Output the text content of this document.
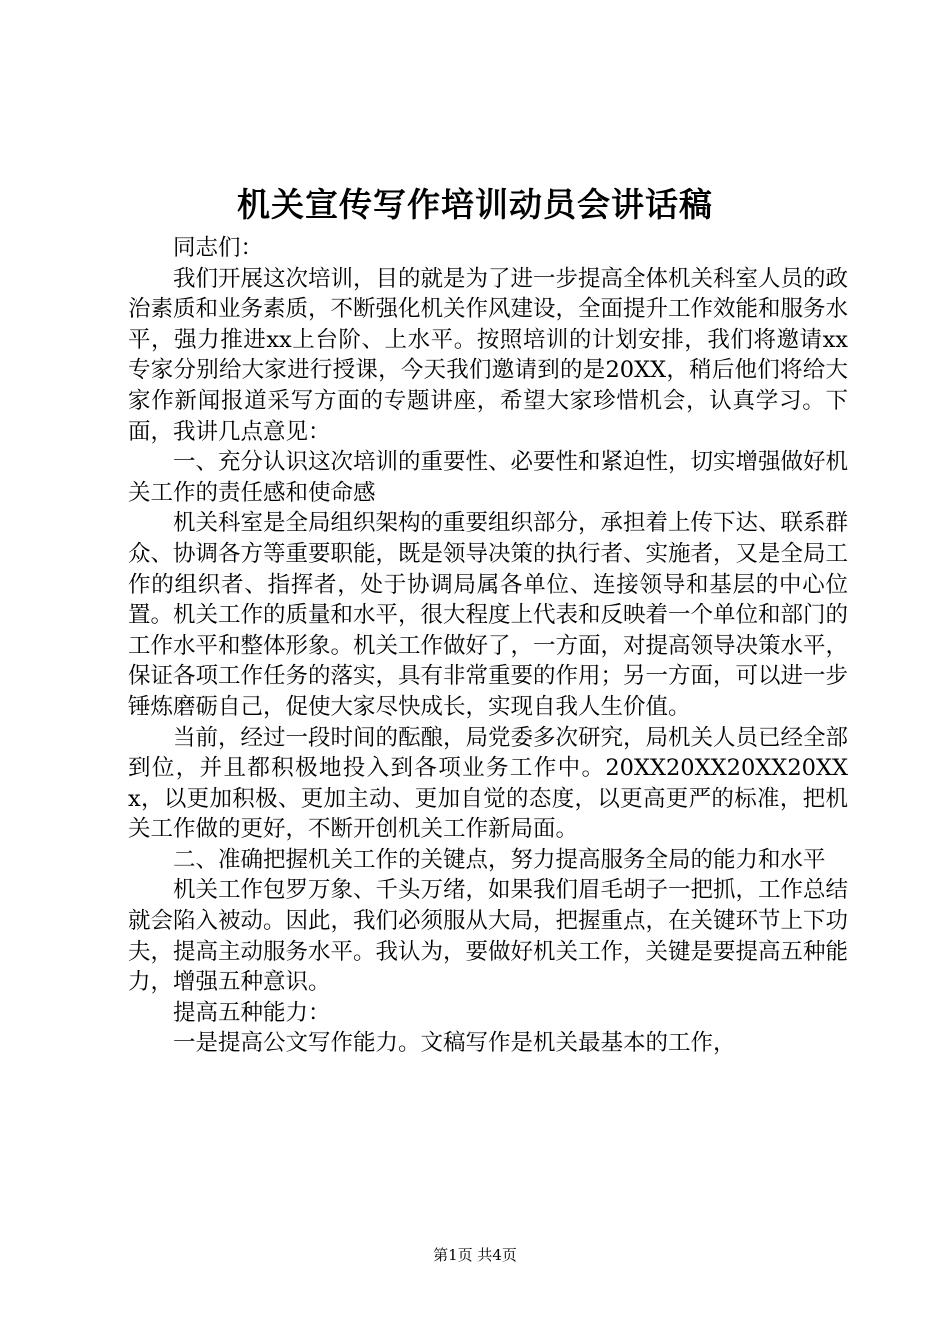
机关宣传写作培训动员会讲话稿

同志们：

我们开展这次培训，目的就是为了进一步提高全体机关科室人员的政治素质和业务素质，不断强化机关作风建设，全面提升工作效能和服务水平，强力推进xx上台阶、上水平。按照培训的计划安排，我们将邀请xx专家分别给大家进行授课，今天我们邀请到的是20XX，稍后他们将给大家作新闻报道采写方面的专题讲座，希望大家珍惜机会，认真学习。下面，我讲几点意见：

一、充分认识这次培训的重要性、必要性和紧迫性，切实增强做好机关工作的责任感和使命感

机关科室是全局组织架构的重要组织部分，承担着上传下达、联系群众、协调各方等重要职能，既是领导决策的执行者、实施者，又是全局工作的组织者、指挥者，处于协调局属各单位、连接领导和基层的中心位置。机关工作的质量和水平，很大程度上代表和反映着一个单位和部门的工作水平和整体形象。机关工作做好了，一方面，对提高领导决策水平，保证各项工作任务的落实，具有非常重要的作用；另一方面，可以进一步锤炼磨砺自己，促使大家尽快成长，实现自我人生价值。

当前，经过一段时间的酝酿，局党委多次研究，局机关人员已经全部到位，并且都积极地投入到各项业务工作中。20XX20XX20XX20XXx，以更加积极、更加主动、更加自觉的态度，以更高更严的标准，把机关工作做的更好，不断开创机关工作新局面。

二、准确把握机关工作的关键点，努力提高服务全局的能力和水平

机关工作包罗万象、千头万绪，如果我们眉毛胡子一把抓，工作总结就会陷入被动。因此，我们必须服从大局，把握重点，在关键环节上下功夫，提高主动服务水平。我认为，要做好机关工作，关键是要提高五种能力，增强五种意识。

提高五种能力：

一是提高公文写作能力。文稿写作是机关最基本的工作，

第1页 共4页
